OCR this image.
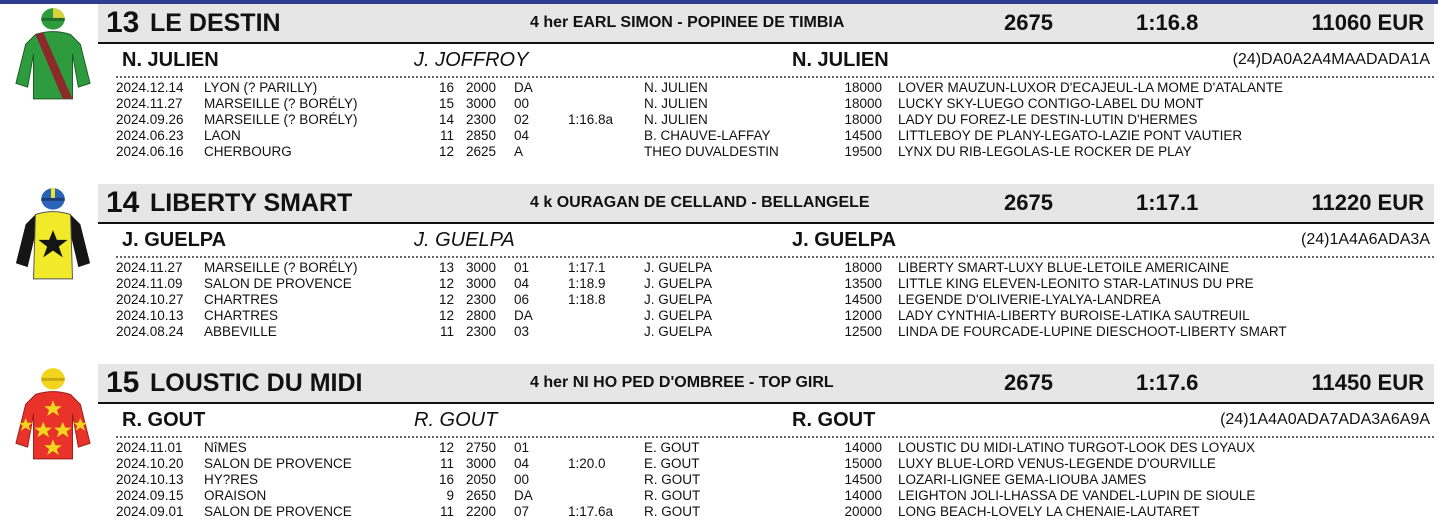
13 LE DESTIN	4 her EARL SIMON - POPINEE DE TIMBIA	2675	1:16.8	11060 EUR
N. JULIEN	J. JOFFROY	N. JULIEN	(24)DA0A2A4MAADADA1A
2024.12.14 LYON (? PARILLY)	16 2000 DA	N. JULIEN	18000 LOVER MAUZUN-LUXOR D'ECAJEUL-LA MOME D'ATALANTE
2024.11.27 MARSEILLE (? BORÉLY)	15 3000 00	N. JULIEN	18000 LUCKY SKY-LUEGO CONTIGO-LABEL DU MONT
2024.09.26 MARSEILLE (? BORÉLY)	14 2300 02	1:16.8a N. JULIEN	18000 LADY DU FOREZ-LE DESTIN-LUTIN D'HERMES
2024.06.23 LAON	11 2850 04	B. CHAUVE-LAFFAY	14500 LITTLEBOY DE PLANY-LEGATO-LAZIE PONT VAUTIER
2024.06.16 CHERBOURG	12 2625 A	THEO DUVALDESTIN	19500 LYNX DU RIB-LEGOLAS-LE ROCKER DE PLAY
14 LIBERTY SMART	4 k OURAGAN DE CELLAND - BELLANGELE	2675	1:17.1	11220 EUR
J. GUELPA	J. GUELPA	J. GUELPA	(24)1A4A6ADA3A
2024.11.27 MARSEILLE (? BORÉLY)	13 3000 01	1:17.1	J. GUELPA	18000 LIBERTY SMART-LUXY BLUE-LETOILE AMERICAINE
2024.11.09 SALON DE PROVENCE	12 3000 04	1:18.9	J. GUELPA	13500 LITTLE KING ELEVEN-LEONITO STAR-LATINUS DU PRE
2024.10.27 CHARTRES	12 2300 06	1:18.8	J. GUELPA	14500 LEGENDE D'OLIVERIE-LYALYA-LANDREA
2024.10.13 CHARTRES	12 2800 DA	J. GUELPA	12000 LADY CYNTHIA-LIBERTY BUROISE-LATIKA SAUTREUIL
2024.08.24 ABBEVILLE	11 2300 03	J. GUELPA	12500 LINDA DE FOURCADE-LUPINE DIESCHOOT-LIBERTY SMART
15 LOUSTIC DU MIDI	4 her NI HO PED D'OMBREE - TOP GIRL	2675	1:17.6	11450 EUR
R. GOUT	R. GOUT	R. GOUT	(24)1A4A0ADA7ADA3A6A9A
2024.11.01 NîMES	12 2750 01	E. GOUT	14000 LOUSTIC DU MIDI-LATINO TURGOT-LOOK DES LOYAUX
2024.10.20 SALON DE PROVENCE	11 3000 04	1:20.0	E. GOUT	15000 LUXY BLUE-LORD VENUS-LEGENDE D'OURVILLE
2024.10.13 HY?RES	16 2050 00	R. GOUT	14500 LOZARI-LIGNEE GEMA-LIOUBA JAMES
2024.09.15 ORAISON	9 2650 DA	R. GOUT	14000 LEIGHTON JOLI-LHASSA DE VANDEL-LUPIN DE SIOULE
2024.09.01 SALON DE PROVENCE	11 2200 07	1:17.6a R. GOUT	20000 LONG BEACH-LOVELY LA CHENAIE-LAUTARET
